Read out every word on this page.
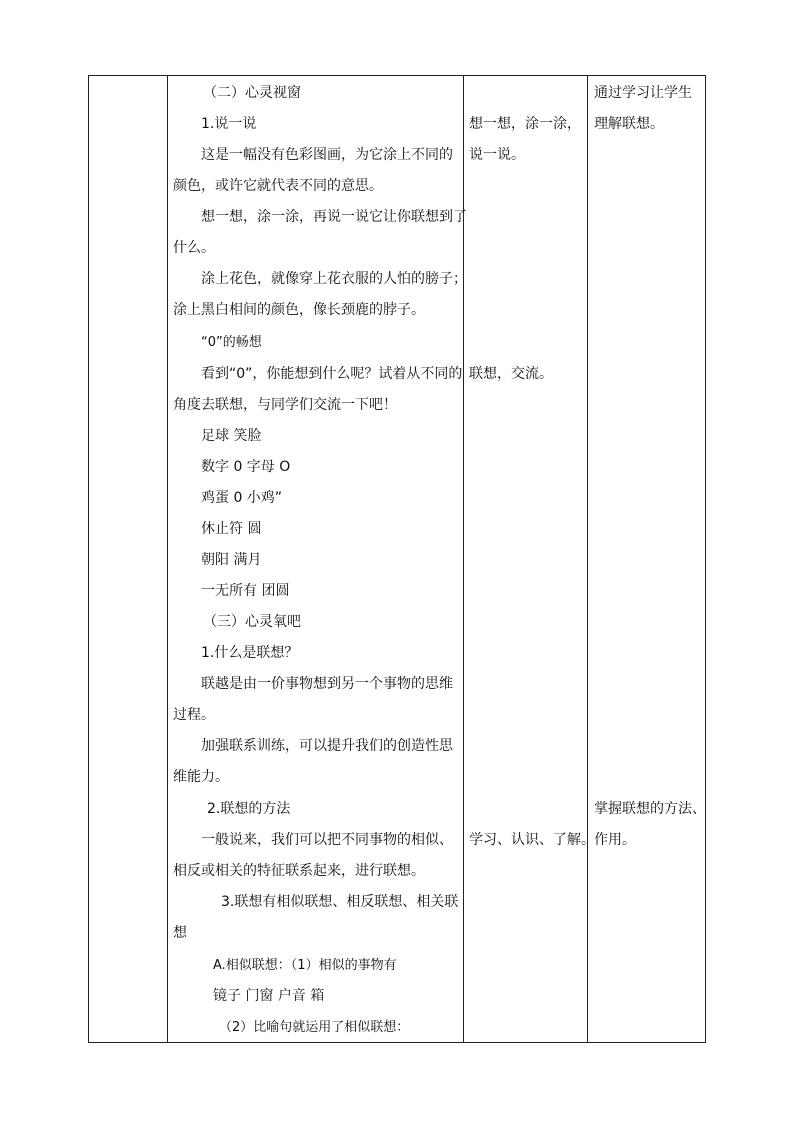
（二）心灵视窗
1.说一说
这是一幅没有色彩图画，为它涂上不同的
颜色，或许它就代表不同的意思。
想一想，涂一涂，再说一说它让你联想到了
什么。
涂上花色，就像穿上花衣服的人怕的膀子；
涂上黑白相间的颜色，像长颈鹿的脖子。
“0”的畅想
看到“0”，你能想到什么呢？试着从不同的
角度去联想，与同学们交流一下吧！
足球 笑脸
数字 0 字母 O
鸡蛋 0 小鸡”
休止符 圆
朝阳 满月
一无所有 团圆
（三）心灵氧吧
1.什么是联想？
联越是由一价事物想到另一个事物的思维
过程。
加强联系训练，可以提升我们的创造性思
维能力。
2.联想的方法
一般说来，我们可以把不同事物的相似、
相反或相关的特征联系起来，进行联想。
3.联想有相似联想、相反联想、相关联
想
A.相似联想：（1）相似的事物有
镜子 门窗 户音 箱
（2）比喻句就运用了相似联想：
想一想，涂一涂，
说一说。
联想，交流。
学习、认识、了解。
通过学习让学生
理解联想。
掌握联想的方法、
作用。
